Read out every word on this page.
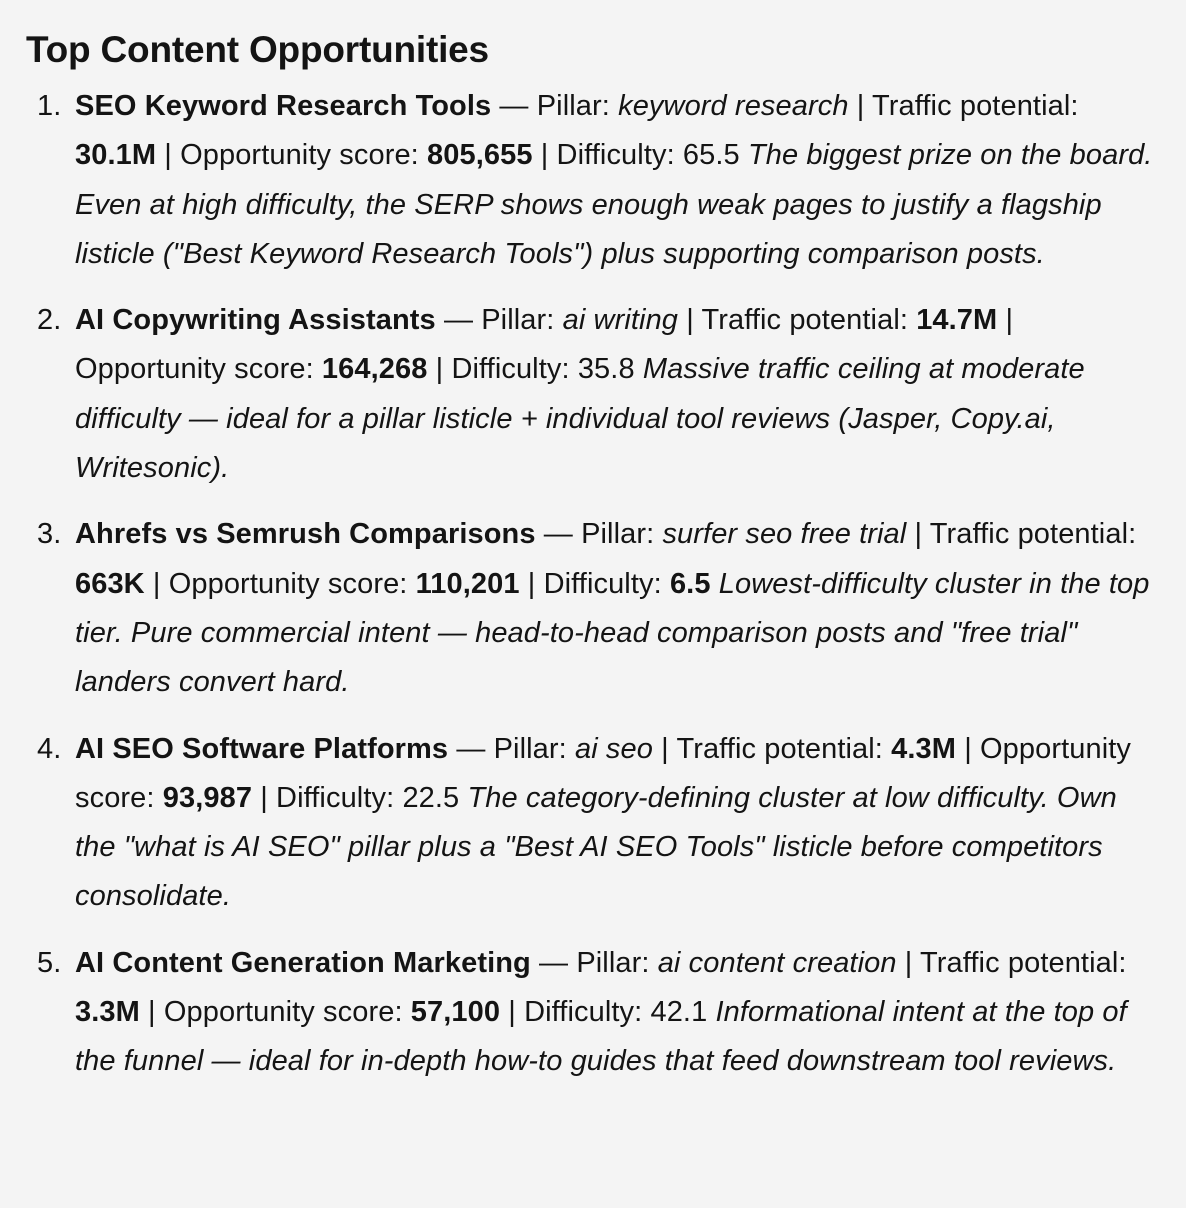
Top Content Opportunities
1. SEO Keyword Research Tools — Pillar: keyword research | Traffic potential: 30.1M | Opportunity score: 805,655 | Difficulty: 65.5 The biggest prize on the board. Even at high difficulty, the SERP shows enough weak pages to justify a flagship listicle ("Best Keyword Research Tools") plus supporting comparison posts.
2. AI Copywriting Assistants — Pillar: ai writing | Traffic potential: 14.7M | Opportunity score: 164,268 | Difficulty: 35.8 Massive traffic ceiling at moderate difficulty — ideal for a pillar listicle + individual tool reviews (Jasper, Copy.ai, Writesonic).
3. Ahrefs vs Semrush Comparisons — Pillar: surfer seo free trial | Traffic potential: 663K | Opportunity score: 110,201 | Difficulty: 6.5 Lowest-difficulty cluster in the top tier. Pure commercial intent — head-to-head comparison posts and "free trial" landers convert hard.
4. AI SEO Software Platforms — Pillar: ai seo | Traffic potential: 4.3M | Opportunity score: 93,987 | Difficulty: 22.5 The category-defining cluster at low difficulty. Own the "what is AI SEO" pillar plus a "Best AI SEO Tools" listicle before competitors consolidate.
5. AI Content Generation Marketing — Pillar: ai content creation | Traffic potential: 3.3M | Opportunity score: 57,100 | Difficulty: 42.1 Informational intent at the top of the funnel — ideal for in-depth how-to guides that feed downstream tool reviews.
